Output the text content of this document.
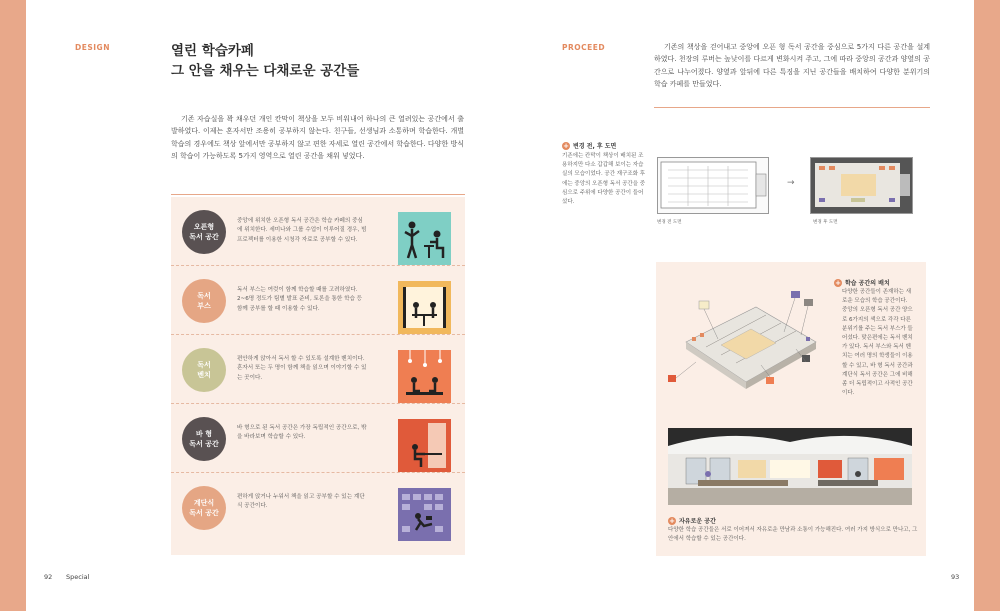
DESIGN	열린 학습카페
그 안을 채우는 다채로운 공간들
기존 자습실을 꽉 채우던 개인 칸막이 책상을 모두 비워내어 하나의 큰 열려있는 공간에서 출발하였다. 이제는 혼자서만 조용히 공부하지 않는다. 친구들, 선생님과 소통하며 학습한다. 개별 학습의 경우에도 책상 앞에서만 공부하지 않고 편한 자세로 열린 공간에서 학습한다. 다양한 방식의 학습이 가능하도록 5가지 영역으로 열린 공간을 채워 넣었다.
오픈형
독서 공간
중앙에 위치한 오픈형 독서 공간은 학습 카페의 중심에 위치한다. 세미나와 그룹 수업이 이루어질 경우, 빔 프로젝터를 이용한 시청각 자료로 공부할 수 있다.
독서
부스
독서 부스는 여럿이 함께 학습할 때를 고려하였다. 2~6명 정도가 팀별 발표 준비, 토론을 통한 학습 등 함께 공부를 할 때 이용할 수 있다.
독서
벤치
편안하게 앉아서 독서 할 수 있도록 설계한 벤치이다. 혼자서 또는 두 명이 함께 책을 읽으며 이야기할 수 있는 곳이다.
바 형
독서 공간
바 형으로 된 독서 공간은 가장 독립적인 공간으로, 밖을 바라보며 학습할 수 있다.
계단식
독서 공간
편하게 앉거나 누워서 책을 읽고 공부할 수 있는 계단식 공간이다.
92 Special
PROCEED	기존의 책상을 걷어내고 중앙에 오픈 형 독서 공간을 중심으로 5가지 다른 공간을 설계하였다. 천장의 루버는 높낮이를 다르게 변화시켜 주고, 그에 따라 중앙의 공간과 양옆의 공간으로 나누어졌다. 양옆과 앞뒤에 다른 특징을 지닌 공간들을 배치하여 다양한 분위기의 학습 카페를 만들었다.
+ 변경 전, 후 도면
기존에는 칸막이 책상이 배치된 조용하지만 다소 갑갑해 보이는 자습실의 모습이었다. 공간 재구조화 후에는 중앙의 오픈형 독서 공간을 중심으로 주위에 다양한 공간이 들어섰다.
변경 전 도면
→
변경 후 도면
+ 학습 공간의 배치
다양한 공간들이 존재하는 새로운 모습의 학습 공간이다. 중앙의 오픈형 독서 공간 양으로 6가지의 색으로 각각 다른 분위기를 주는 독서 부스가 들어섰다. 맞은편에는 독서 벤치가 있다. 독서 부스와 독서 벤치는 여러 명의 학생들이 이용할 수 있고, 바 형 독서 공간과 계단식 독서 공간은 그에 비해 좀 더 독립적이고 사적인 공간이다.
+ 자유로운 공간
다양한 학습 공간들은 서로 이어져서 자유로운 만남과 소통이 가능해진다. 여러 가지 방식으로 만나고, 그 안에서 학습할 수 있는 공간이다.
93
